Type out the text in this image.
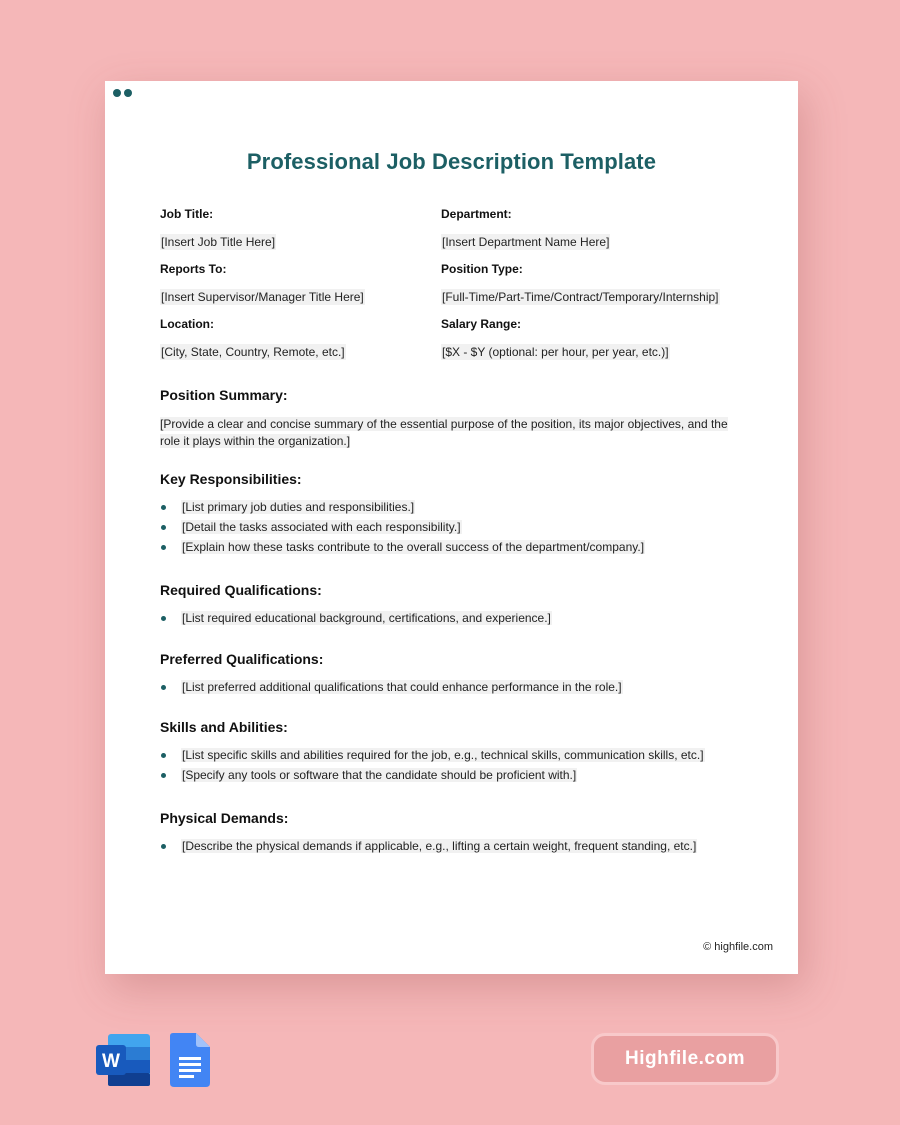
Professional Job Description Template
Job Title:
[Insert Job Title Here]
Department:
[Insert Department Name Here]
Reports To:
[Insert Supervisor/Manager Title Here]
Position Type:
[Full-Time/Part-Time/Contract/Temporary/Internship]
Location:
[City, State, Country, Remote, etc.]
Salary Range:
[$X - $Y (optional: per hour, per year, etc.)]
Position Summary:
[Provide a clear and concise summary of the essential purpose of the position, its major objectives, and the
role it plays within the organization.]
Key Responsibilities:
[List primary job duties and responsibilities.]
[Detail the tasks associated with each responsibility.]
[Explain how these tasks contribute to the overall success of the department/company.]
Required Qualifications:
[List required educational background, certifications, and experience.]
Preferred Qualifications:
[List preferred additional qualifications that could enhance performance in the role.]
Skills and Abilities:
[List specific skills and abilities required for the job, e.g., technical skills, communication skills, etc.]
[Specify any tools or software that the candidate should be proficient with.]
Physical Demands:
[Describe the physical demands if applicable, e.g., lifting a certain weight, frequent standing, etc.]
© highfile.com
W	Highfile.com
